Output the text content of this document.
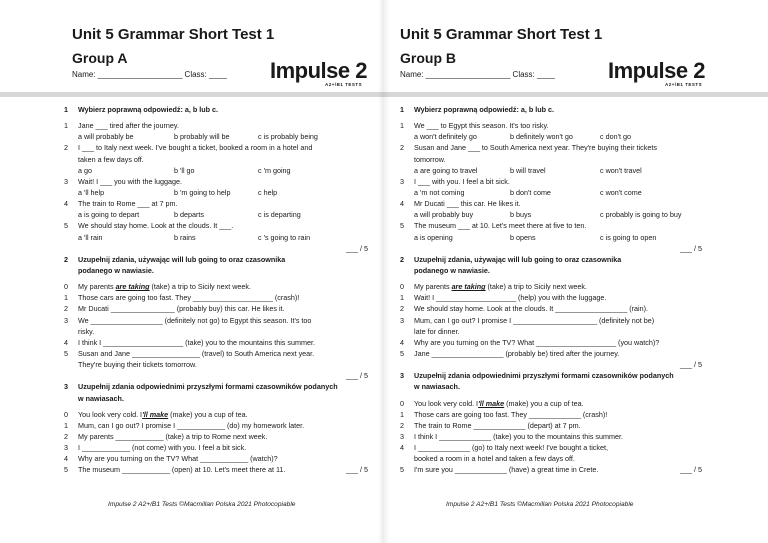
Unit 5 Grammar Short Test 1
Group A
Name: ___________________ Class: ____ Impulse 2
A2+/B1 TESTS
1 Wybierz poprawną odpowiedź: a, b lub c.
1 Jane ___ tired after the journey.
a will probably be	b probably will be	c is probably being
2 I ___ to Italy next week. I've bought a ticket, booked a room in a hotel and
taken a few days off.
a go	b 'll go	c 'm going
3 Wait! I ___ you with the luggage.
a 'll help	b 'm going to help	c help
4 The train to Rome ___ at 7 pm.
a is going to depart	b departs	c is departing
5 We should stay home. Look at the clouds. It ___.
a 'll rain	b rains	c 's going to rain
___ / 5
2 Uzupełnij zdania, używając will lub going to oraz czasownika
podanego w nawiasie.
0 My parents are taking (take) a trip to Sicily next week.
1 Those cars are going too fast. They ____________________ (crash)!
2 Mr Ducati ________________ (probably buy) this car. He likes it.
3 We __________________ (definitely not go) to Egypt this season. It's too
risky.
4 I think I ____________________ (take) you to the mountains this summer.
5 Susan and Jane _________________ (travel) to South America next year.
They're buying their tickets tomorrow.
___ / 5
3 Uzupełnij zdania odpowiednimi przyszłymi formami czasowników podanych
w nawiasach.
0 You look very cold. I'll make (make) you a cup of tea.
1 Mum, can I go out? I promise I ____________ (do) my homework later.
2 My parents ____________ (take) a trip to Rome next week.
3 I ____________ (not come) with you. I feel a bit sick.
4 Why are you turning on the TV? What ____________ (watch)?
5 The museum ____________ (open) at 10. Let's meet there at 11.	___ / 5
Impulse 2 A2+/B1 Tests ©Macmillan Polska 2021 Photocopiable
Unit 5 Grammar Short Test 1
Group B
Name: ___________________ Class: ____ Impulse 2
A2+/B1 TESTS
1 Wybierz poprawną odpowiedź: a, b lub c.
1 We ___ to Egypt this season. It's too risky.
a won't definitely go	b definitely won't go	c don't go
2 Susan and Jane ___ to South America next year. They're buying their tickets
tomorrow.
a are going to travel	b will travel	c won't travel
3 I ___ with you. I feel a bit sick.
a 'm not coming	b don't come	c won't come
4 Mr Ducati ___ this car. He likes it.
a will probably buy	b buys	c probably is going to buy
5 The museum ___ at 10. Let's meet there at five to ten.
a is opening	b opens	c is going to open
___ / 5
2 Uzupełnij zdania, używając will lub going to oraz czasownika
podanego w nawiasie.
0 My parents are taking (take) a trip to Sicily next week.
1 Wait! I ____________________ (help) you with the luggage.
2 We should stay home. Look at the clouds. It __________________ (rain).
3 Mum, can I go out? I promise I _____________________ (definitely not be)
late for dinner.
4 Why are you turning on the TV? What ____________________ (you watch)?
5 Jane __________________ (probably be) tired after the journey.
___ / 5
3 Uzupełnij zdania odpowiednimi przyszłymi formami czasowników podanych
w nawiasach.
0 You look very cold. I'll make (make) you a cup of tea.
1 Those cars are going too fast. They _____________ (crash)!
2 The train to Rome _____________ (depart) at 7 pm.
3 I think I _____________ (take) you to the mountains this summer.
4 I _____________ (go) to Italy next week! I've bought a ticket,
booked a room in a hotel and taken a few days off.
5 I'm sure you _____________ (have) a great time in Crete.	___ / 5
Impulse 2 A2+/B1 Tests ©Macmillan Polska 2021 Photocopiable
